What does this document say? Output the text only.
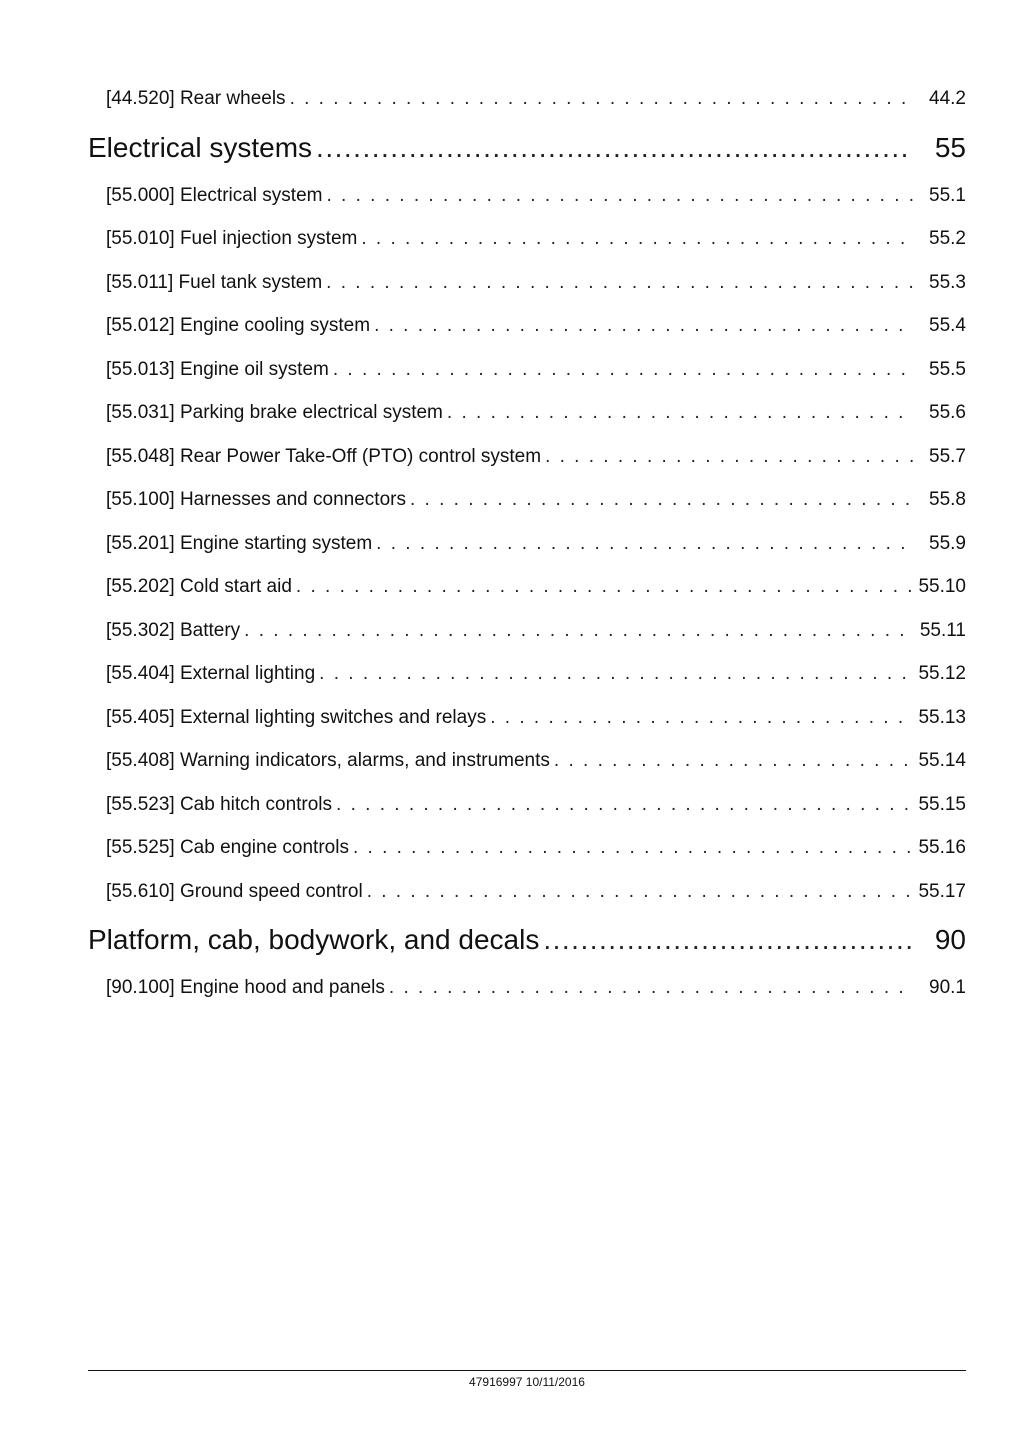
[44.520] Rear wheels . . .	44.2
Electrical systems .....	55
[55.000] Electrical system . . .	55.1
[55.010] Fuel injection system . . .	55.2
[55.011] Fuel tank system . . .	55.3
[55.012] Engine cooling system . . .	55.4
[55.013] Engine oil system . . .	55.5
[55.031] Parking brake electrical system . . .	55.6
[55.048] Rear Power Take-Off (PTO) control system . . .	55.7
[55.100] Harnesses and connectors . . .	55.8
[55.201] Engine starting system . . .	55.9
[55.202] Cold start aid . . .	55.10
[55.302] Battery . . .	55.11
[55.404] External lighting . . .	55.12
[55.405] External lighting switches and relays . . .	55.13
[55.408] Warning indicators, alarms, and instruments . . .	55.14
[55.523] Cab hitch controls . . .	55.15
[55.525] Cab engine controls . . .	55.16
[55.610] Ground speed control . . .	55.17
Platform, cab, bodywork, and decals .....	90
[90.100] Engine hood and panels . . .	90.1
47916997 10/11/2016
